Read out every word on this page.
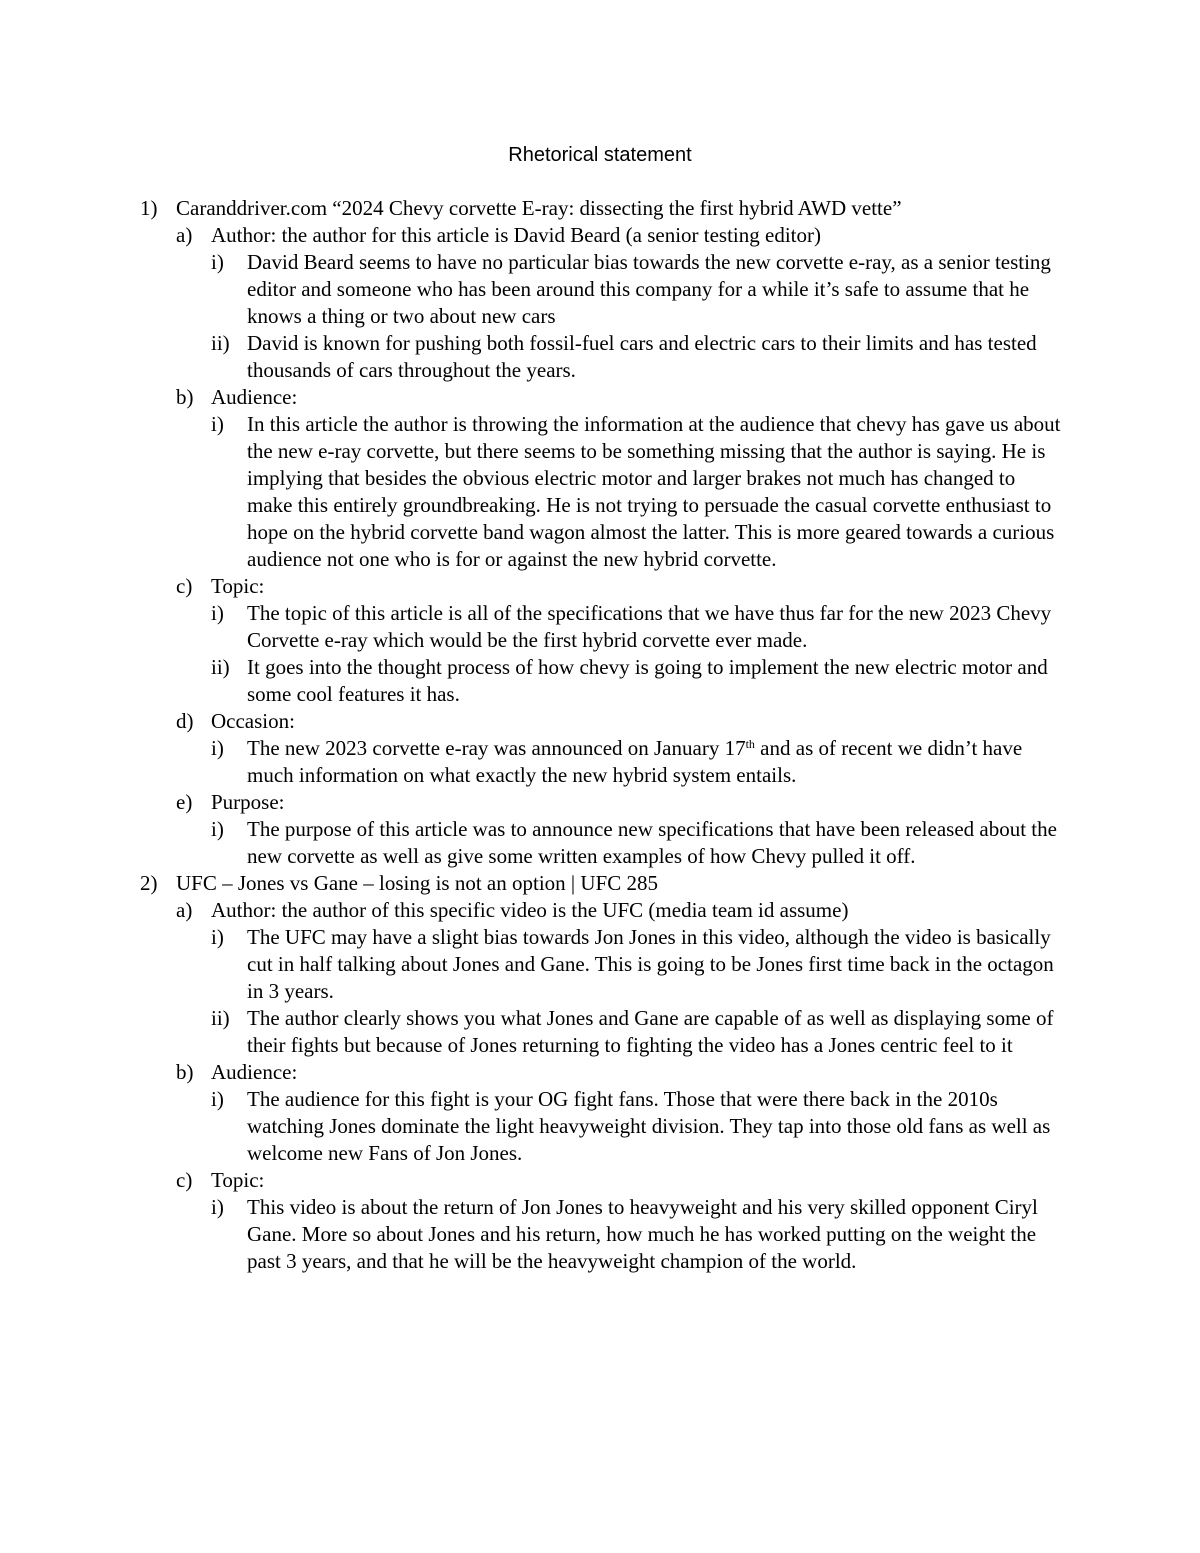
Rhetorical statement
1) Caranddriver.com “2024 Chevy corvette E-ray: dissecting the first hybrid AWD vette”
a) Author: the author for this article is David Beard (a senior testing editor)
i) David Beard seems to have no particular bias towards the new corvette e-ray, as a senior testing editor and someone who has been around this company for a while it’s safe to assume that he knows a thing or two about new cars
ii) David is known for pushing both fossil-fuel cars and electric cars to their limits and has tested thousands of cars throughout the years.
b) Audience:
i) In this article the author is throwing the information at the audience that chevy has gave us about the new e-ray corvette, but there seems to be something missing that the author is saying. He is implying that besides the obvious electric motor and larger brakes not much has changed to make this entirely groundbreaking. He is not trying to persuade the casual corvette enthusiast to hope on the hybrid corvette band wagon almost the latter. This is more geared towards a curious audience not one who is for or against the new hybrid corvette.
c) Topic:
i) The topic of this article is all of the specifications that we have thus far for the new 2023 Chevy Corvette e-ray which would be the first hybrid corvette ever made.
ii) It goes into the thought process of how chevy is going to implement the new electric motor and some cool features it has.
d) Occasion:
i) The new 2023 corvette e-ray was announced on January 17th and as of recent we didn’t have much information on what exactly the new hybrid system entails.
e) Purpose:
i) The purpose of this article was to announce new specifications that have been released about the new corvette as well as give some written examples of how Chevy pulled it off.
2) UFC – Jones vs Gane – losing is not an option | UFC 285
a) Author: the author of this specific video is the UFC (media team id assume)
i) The UFC may have a slight bias towards Jon Jones in this video, although the video is basically cut in half talking about Jones and Gane. This is going to be Jones first time back in the octagon in 3 years.
ii) The author clearly shows you what Jones and Gane are capable of as well as displaying some of their fights but because of Jones returning to fighting the video has a Jones centric feel to it
b) Audience:
i) The audience for this fight is your OG fight fans. Those that were there back in the 2010s watching Jones dominate the light heavyweight division. They tap into those old fans as well as welcome new Fans of Jon Jones.
c) Topic:
i) This video is about the return of Jon Jones to heavyweight and his very skilled opponent Ciryl Gane. More so about Jones and his return, how much he has worked putting on the weight the past 3 years, and that he will be the heavyweight champion of the world.
